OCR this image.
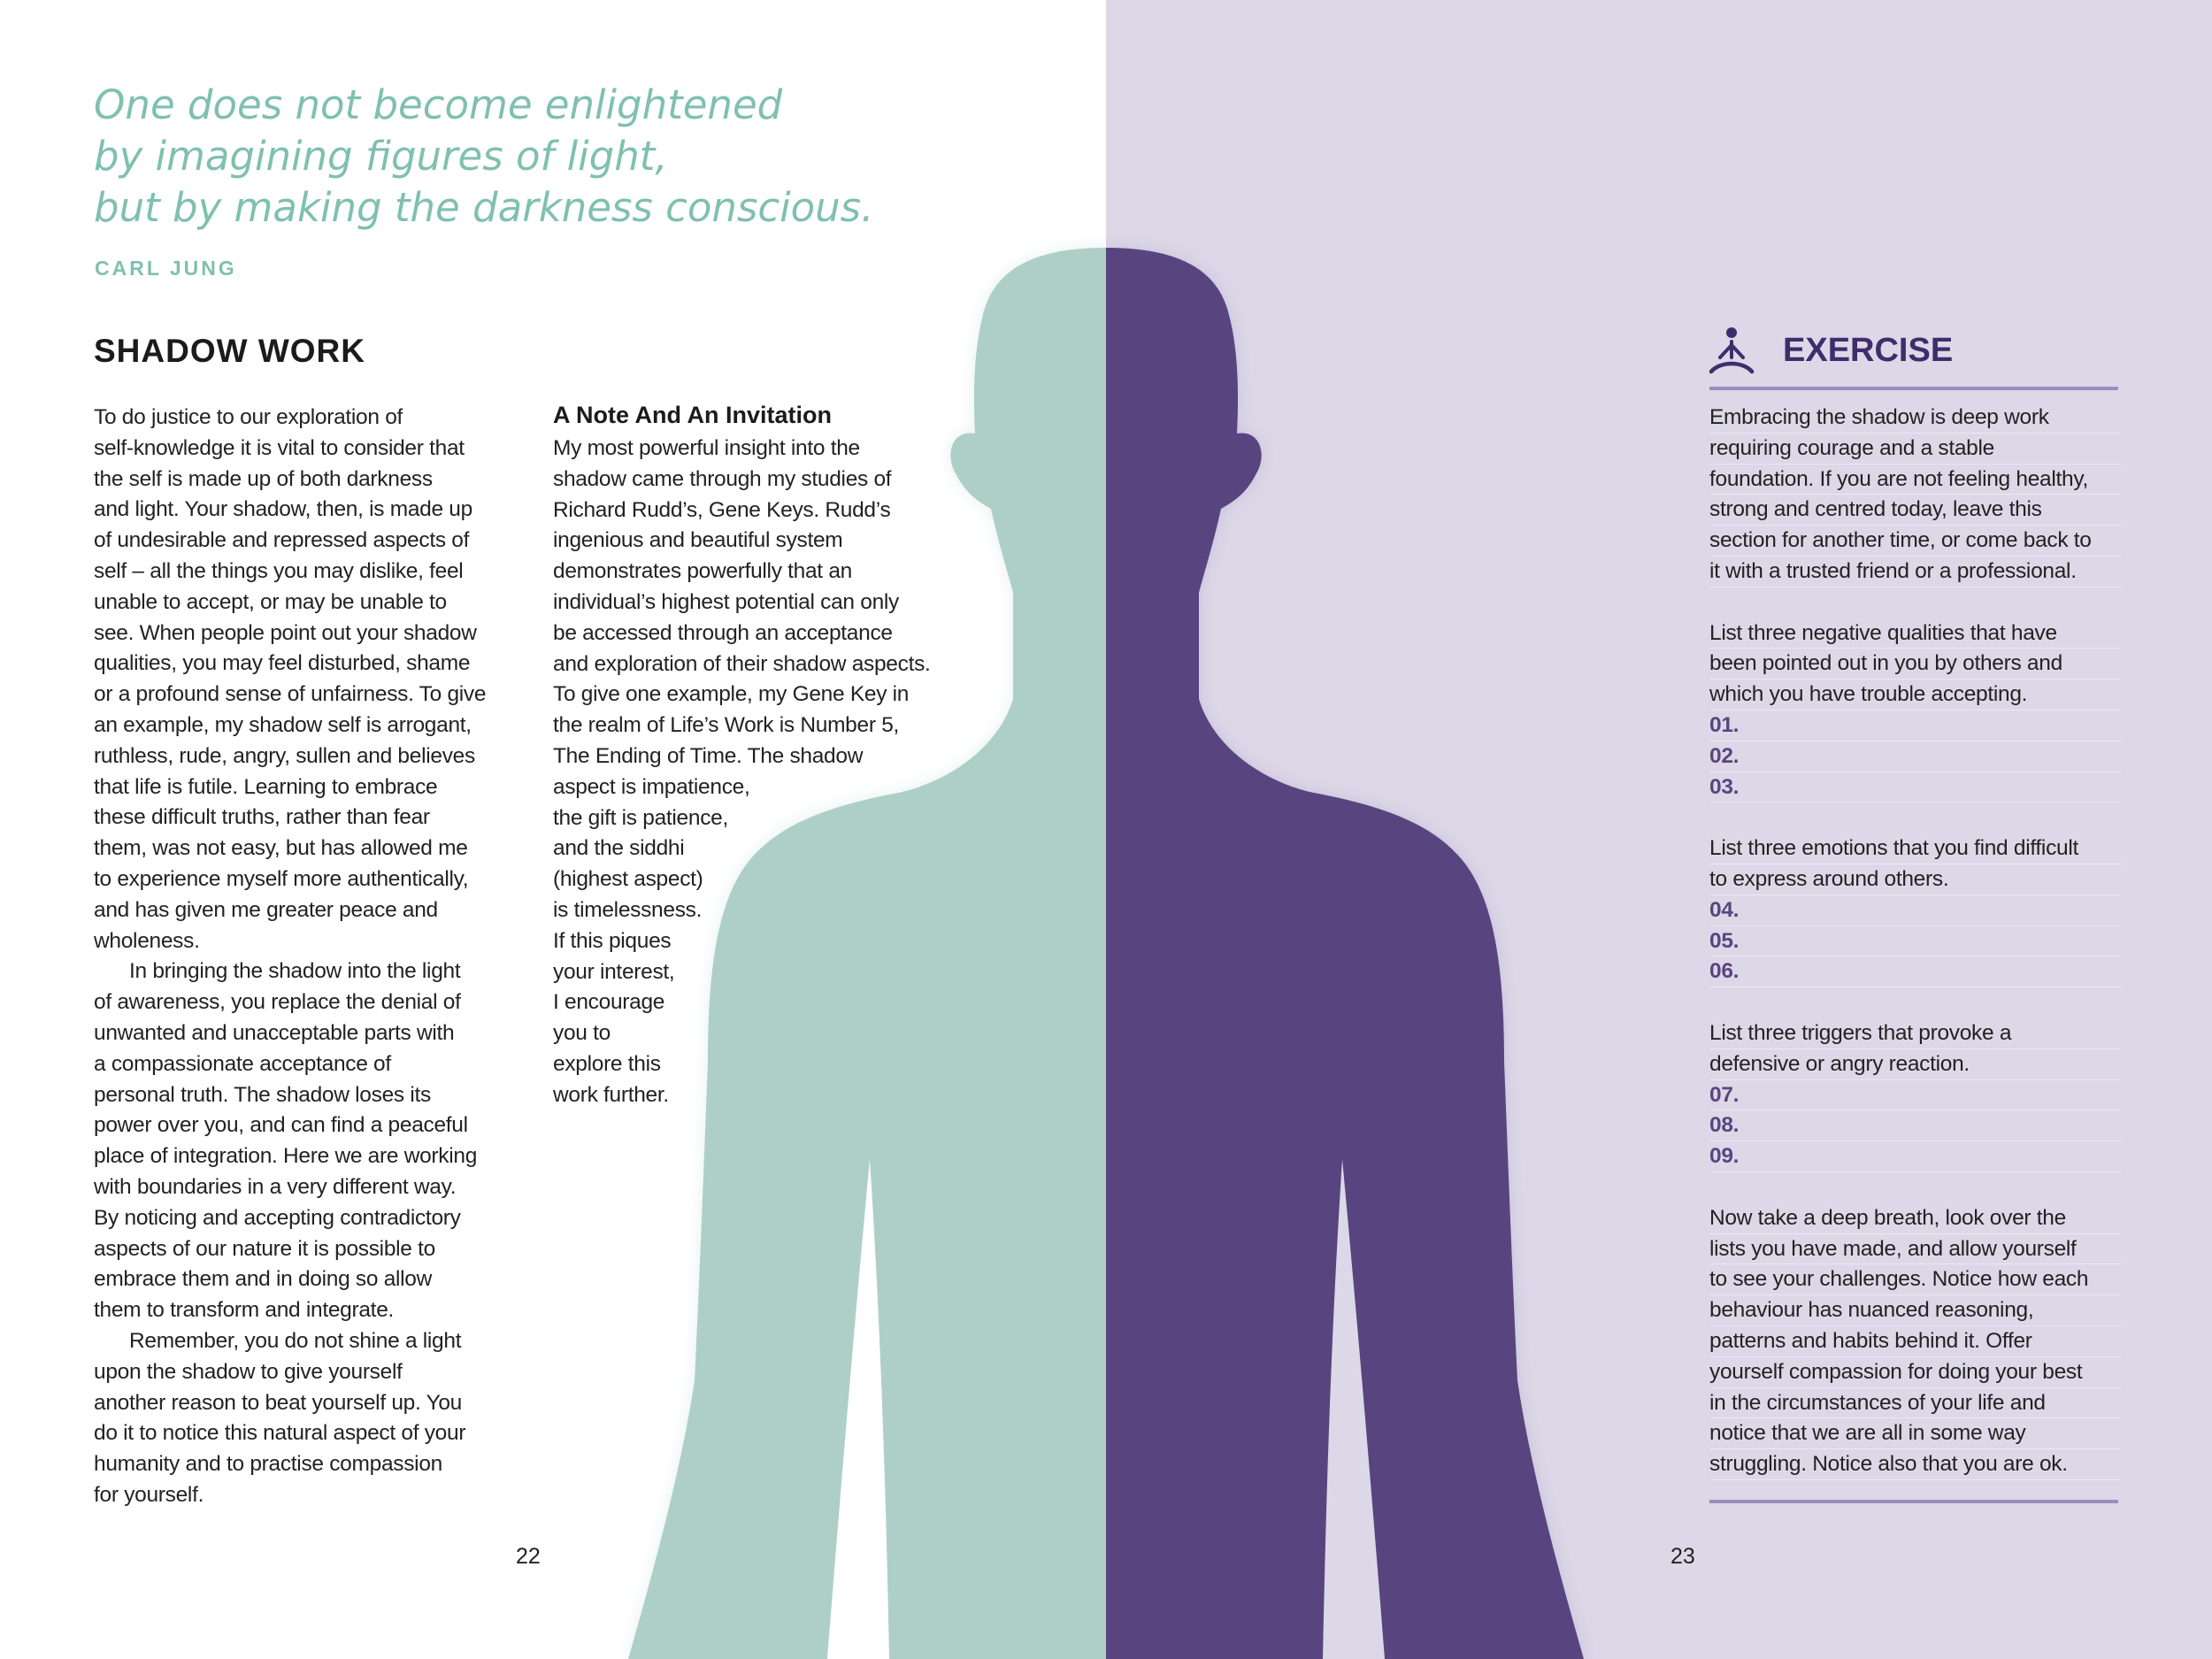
One does not become enlightened
by imagining figures of light,
but by making the darkness conscious.
CARL JUNG
SHADOW WORK
To do justice to our exploration of
self-knowledge it is vital to consider that
the self is made up of both darkness
and light. Your shadow, then, is made up
of undesirable and repressed aspects of
self – all the things you may dislike, feel
unable to accept, or may be unable to
see. When people point out your shadow
qualities, you may feel disturbed, shame
or a profound sense of unfairness. To give
an example, my shadow self is arrogant,
ruthless, rude, angry, sullen and believes
that life is futile. Learning to embrace
these difficult truths, rather than fear
them, was not easy, but has allowed me
to experience myself more authentically,
and has given me greater peace and
wholeness.
In bringing the shadow into the light
of awareness, you replace the denial of
unwanted and unacceptable parts with
a compassionate acceptance of
personal truth. The shadow loses its
power over you, and can find a peaceful
place of integration. Here we are working
with boundaries in a very different way.
By noticing and accepting contradictory
aspects of our nature it is possible to
embrace them and in doing so allow
them to transform and integrate.
Remember, you do not shine a light
upon the shadow to give yourself
another reason to beat yourself up. You
do it to notice this natural aspect of your
humanity and to practise compassion
for yourself.
A Note And An Invitation
My most powerful insight into the
shadow came through my studies of
Richard Rudd’s, Gene Keys. Rudd’s
ingenious and beautiful system
demonstrates powerfully that an
individual’s highest potential can only
be accessed through an acceptance
and exploration of their shadow aspects.
To give one example, my Gene Key in
the realm of Life’s Work is Number 5,
The Ending of Time. The shadow
aspect is impatience,
the gift is patience,
and the siddhi
(highest aspect)
is timelessness.
If this piques
your interest,
I encourage
you to
explore this
work further.
22	23
EXERCISE
Embracing the shadow is deep work
requiring courage and a stable
foundation. If you are not feeling healthy,
strong and centred today, leave this
section for another time, or come back to
it with a trusted friend or a professional.
List three negative qualities that have
been pointed out in you by others and
which you have trouble accepting.
01.
02.
03.
List three emotions that you find difficult
to express around others.
04.
05.
06.
List three triggers that provoke a
defensive or angry reaction.
07.
08.
09.
Now take a deep breath, look over the
lists you have made, and allow yourself
to see your challenges. Notice how each
behaviour has nuanced reasoning,
patterns and habits behind it. Offer
yourself compassion for doing your best
in the circumstances of your life and
notice that we are all in some way
struggling. Notice also that you are ok.
